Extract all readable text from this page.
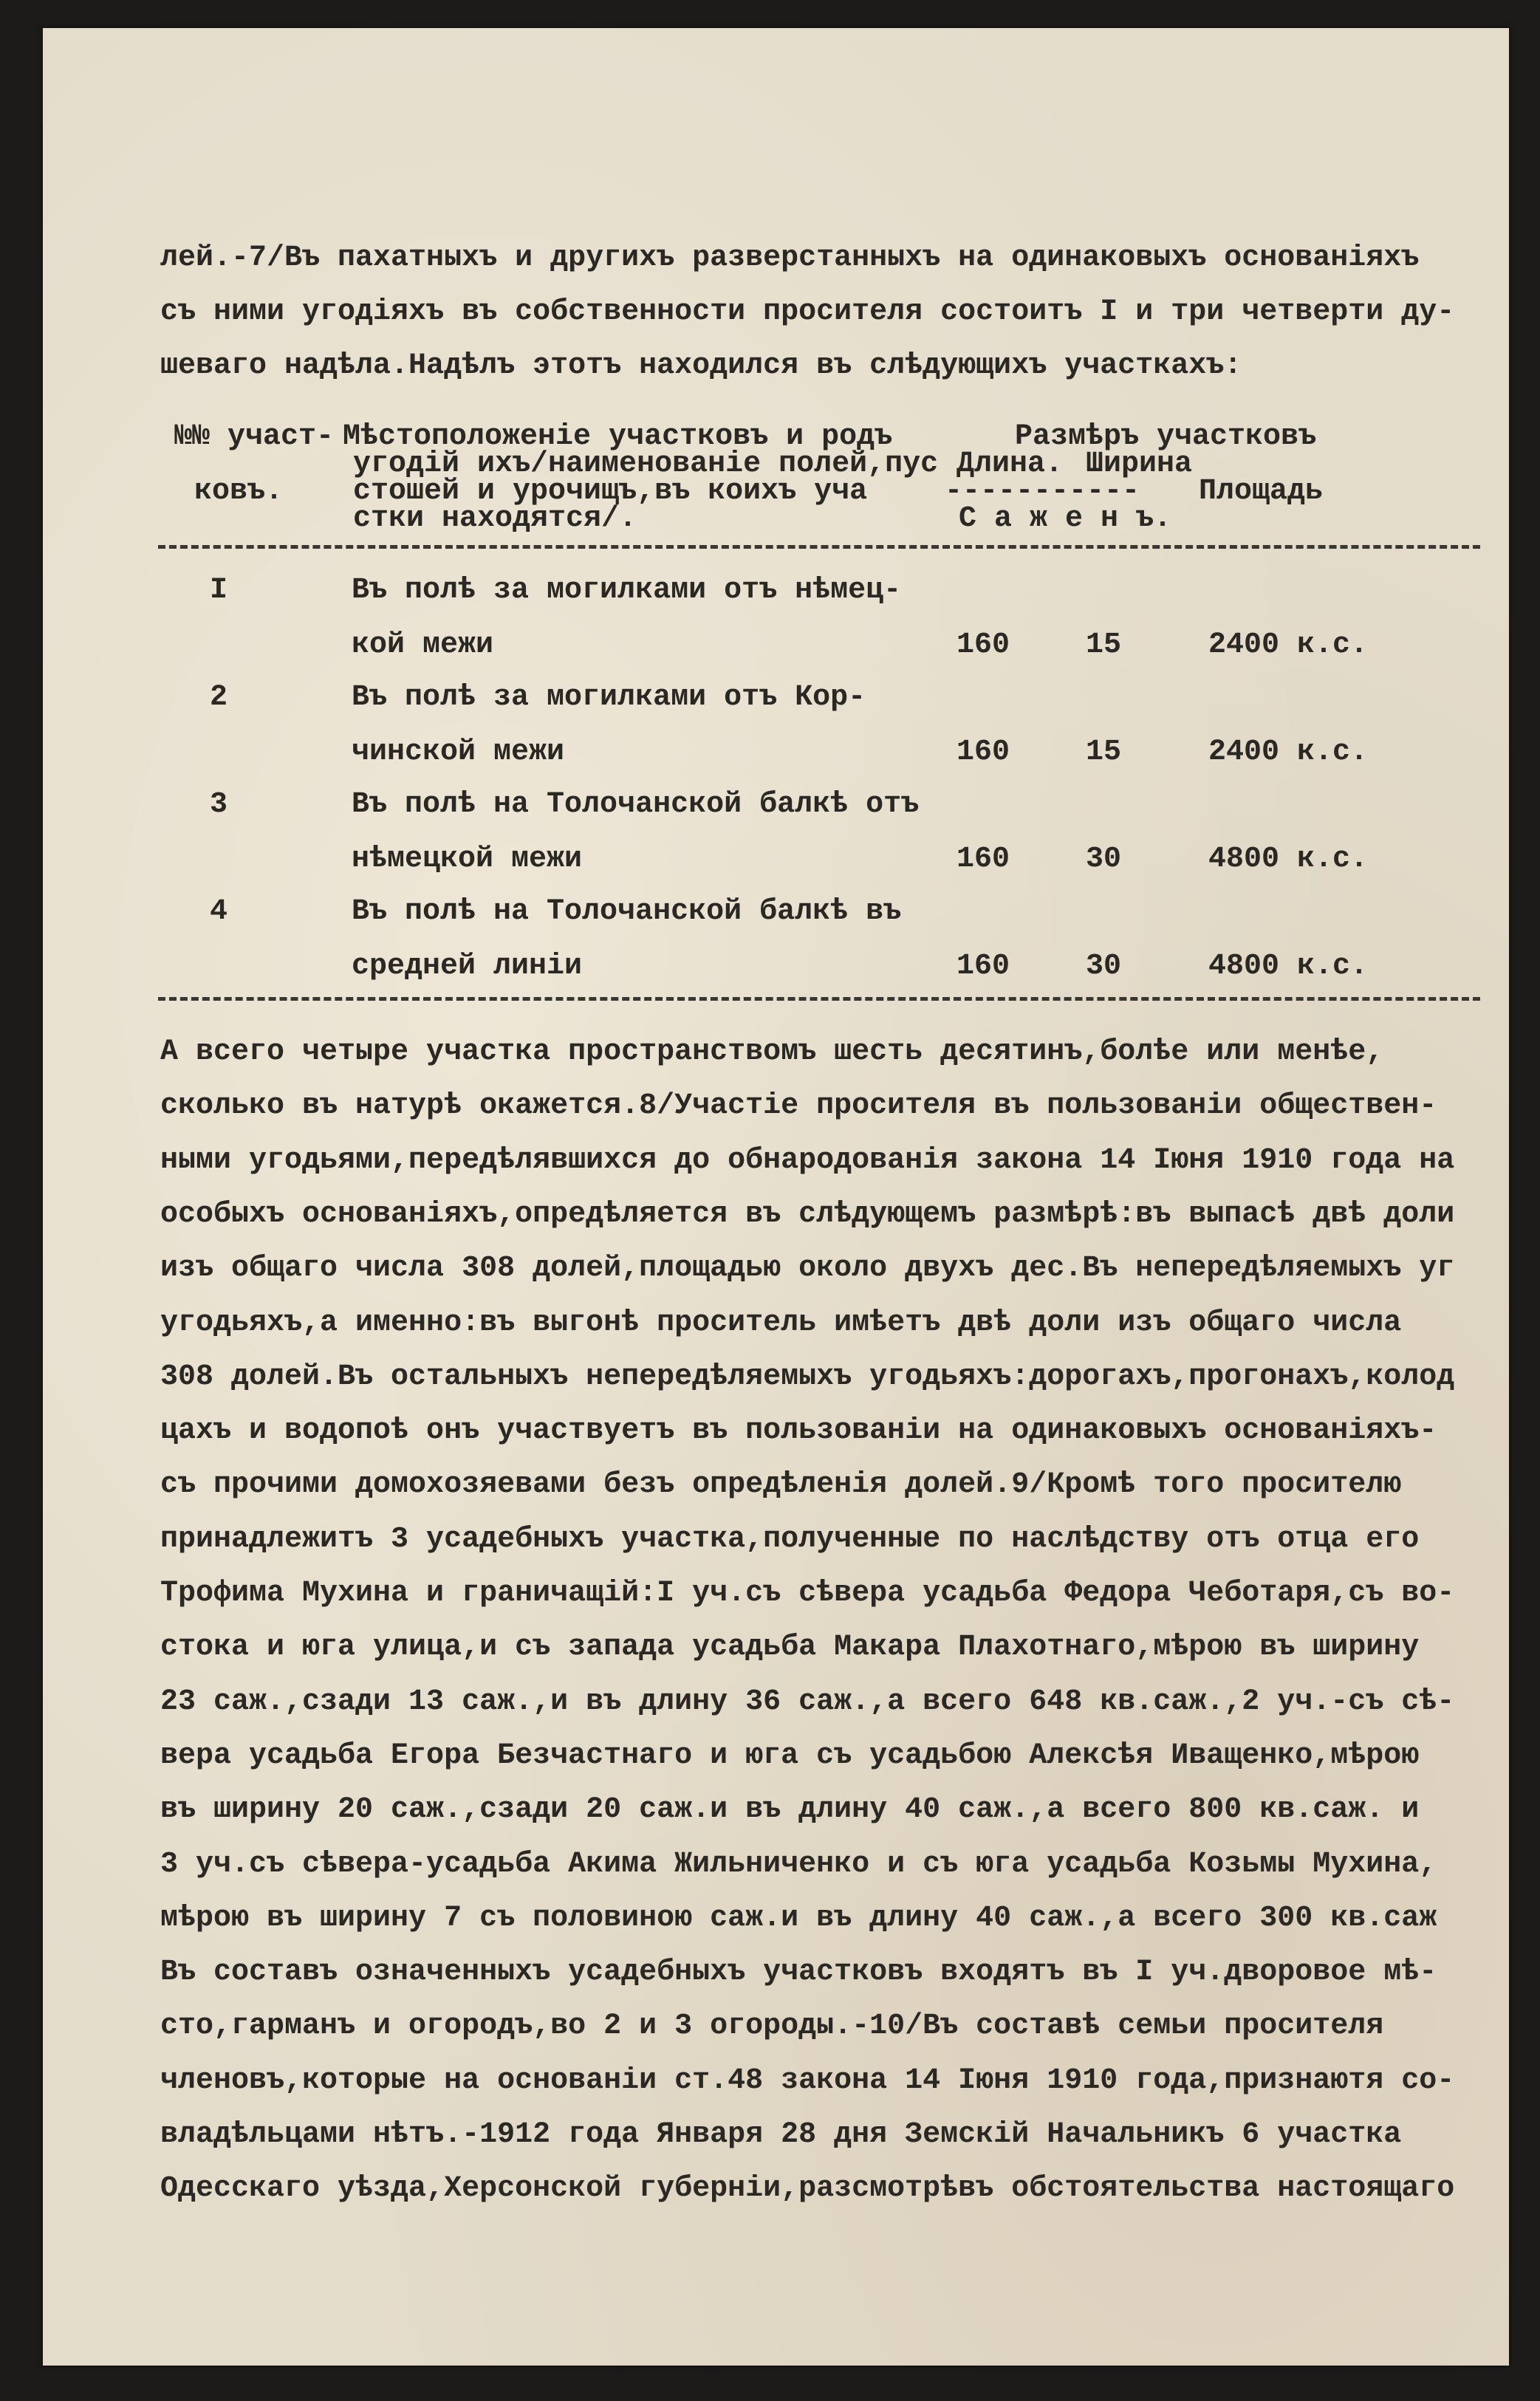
лей.-7/Въ пахатныхъ и другихъ разверстанныхъ на одинаковыхъ основаніяхъ
съ ними угодіяхъ въ собственности просителя состоитъ I и три четверти ду-
шеваго надѣла.Надѣлъ этотъ находился въ слѣдующихъ участкахъ:
№№ участ-
ковъ.
Мѣстоположеніе участковъ и родъ
угодій ихъ/наименованіе полей,пус
стошей и урочищъ,въ коихъ уча
стки находятся/.
Размѣръ участковъ
Длина. Ширина
----------- Площадь
С а ж е н ъ.
I	Въ полѣ за могилками отъ нѣмец-
кой межи	160	15	2400 к.с.
2	Въ полѣ за могилками отъ Кор-
чинской межи	160	15	2400 к.с.
3	Въ полѣ на Толочанской балкѣ отъ
нѣмецкой межи	160	30	4800 к.с.
4	Въ полѣ на Толочанской балкѣ въ
средней линіи	160	30	4800 к.с.
А всего четыре участка пространствомъ шесть десятинъ,болѣе или менѣе,
сколько въ натурѣ окажется.8/Участіе просителя въ пользованіи обществен-
ными угодьями,передѣлявшихся до обнародованія закона 14 Іюня 1910 года на
особыхъ основаніяхъ,опредѣляется въ слѣдующемъ размѣрѣ:въ выпасѣ двѣ доли
изъ общаго числа 308 долей,площадью около двухъ дес.Въ непередѣляемыхъ уг
угодьяхъ,а именно:въ выгонѣ проситель имѣетъ двѣ доли изъ общаго числа
308 долей.Въ остальныхъ непередѣляемыхъ угодьяхъ:дорогахъ,прогонахъ,колод
цахъ и водопоѣ онъ участвуетъ въ пользованіи на одинаковыхъ основаніяхъ-
съ прочими домохозяевами безъ опредѣленія долей.9/Кромѣ того просителю
принадлежитъ 3 усадебныхъ участка,полученные по наслѣдству отъ отца его
Трофима Мухина и граничащій:I уч.съ сѣвера усадьба Федора Чеботаря,съ во-
стока и юга улица,и съ запада усадьба Макара Плахотнаго,мѣрою въ ширину
23 саж.,сзади 13 саж.,и въ длину 36 саж.,а всего 648 кв.саж.,2 уч.-съ сѣ-
вера усадьба Егора Безчастнаго и юга съ усадьбою Алексѣя Иващенко,мѣрою
въ ширину 20 саж.,сзади 20 саж.и въ длину 40 саж.,а всего 800 кв.саж. и
3 уч.съ сѣвера-усадьба Акима Жильниченко и съ юга усадьба Козьмы Мухина,
мѣрою въ ширину 7 съ половиною саж.и въ длину 40 саж.,а всего 300 кв.саж
Въ составъ означенныхъ усадебныхъ участковъ входятъ въ I уч.дворовое мѣ-
сто,гарманъ и огородъ,во 2 и 3 огороды.-10/Въ составѣ семьи просителя
членовъ,которые на основаніи ст.48 закона 14 Іюня 1910 года,признаютя со-
владѣльцами нѣтъ.-1912 года Января 28 дня Земскій Начальникъ 6 участка
Одесскаго уѣзда,Херсонской губерніи,разсмотрѣвъ обстоятельства настоящаго
